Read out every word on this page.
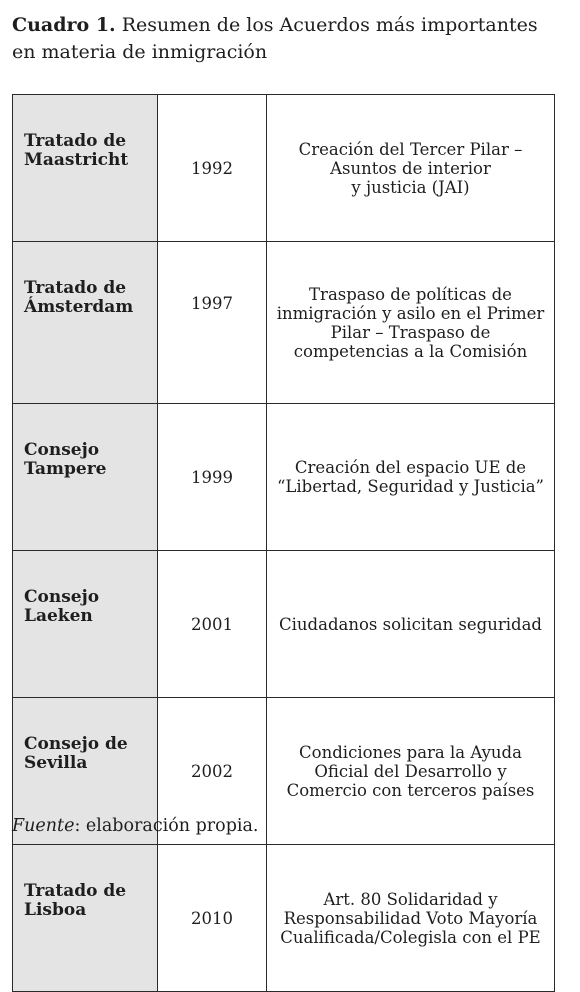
Cuadro 1. Resumen de los Acuerdos más importantes en materia de inmigración

Tratado de Maastricht	1992	Creación del Tercer Pilar – Asuntos de interior
y justicia (JAI)
Tratado de Ámsterdam	1997	Traspaso de políticas de inmigración y asilo en el Primer Pilar – Traspaso de competencias a la Comisión
Consejo Tampere	1999	Creación del espacio UE de “Libertad, Seguridad y Justicia”
Consejo Laeken	2001	Ciudadanos solicitan seguridad
Consejo de Sevilla	2002	Condiciones para la Ayuda Oficial del Desarrollo y Comercio con terceros países
Tratado de Lisboa	2010	Art. 80 Solidaridad y Responsabilidad Voto Mayoría Cualificada/Colegisla con el PE

Fuente: elaboración propia.
